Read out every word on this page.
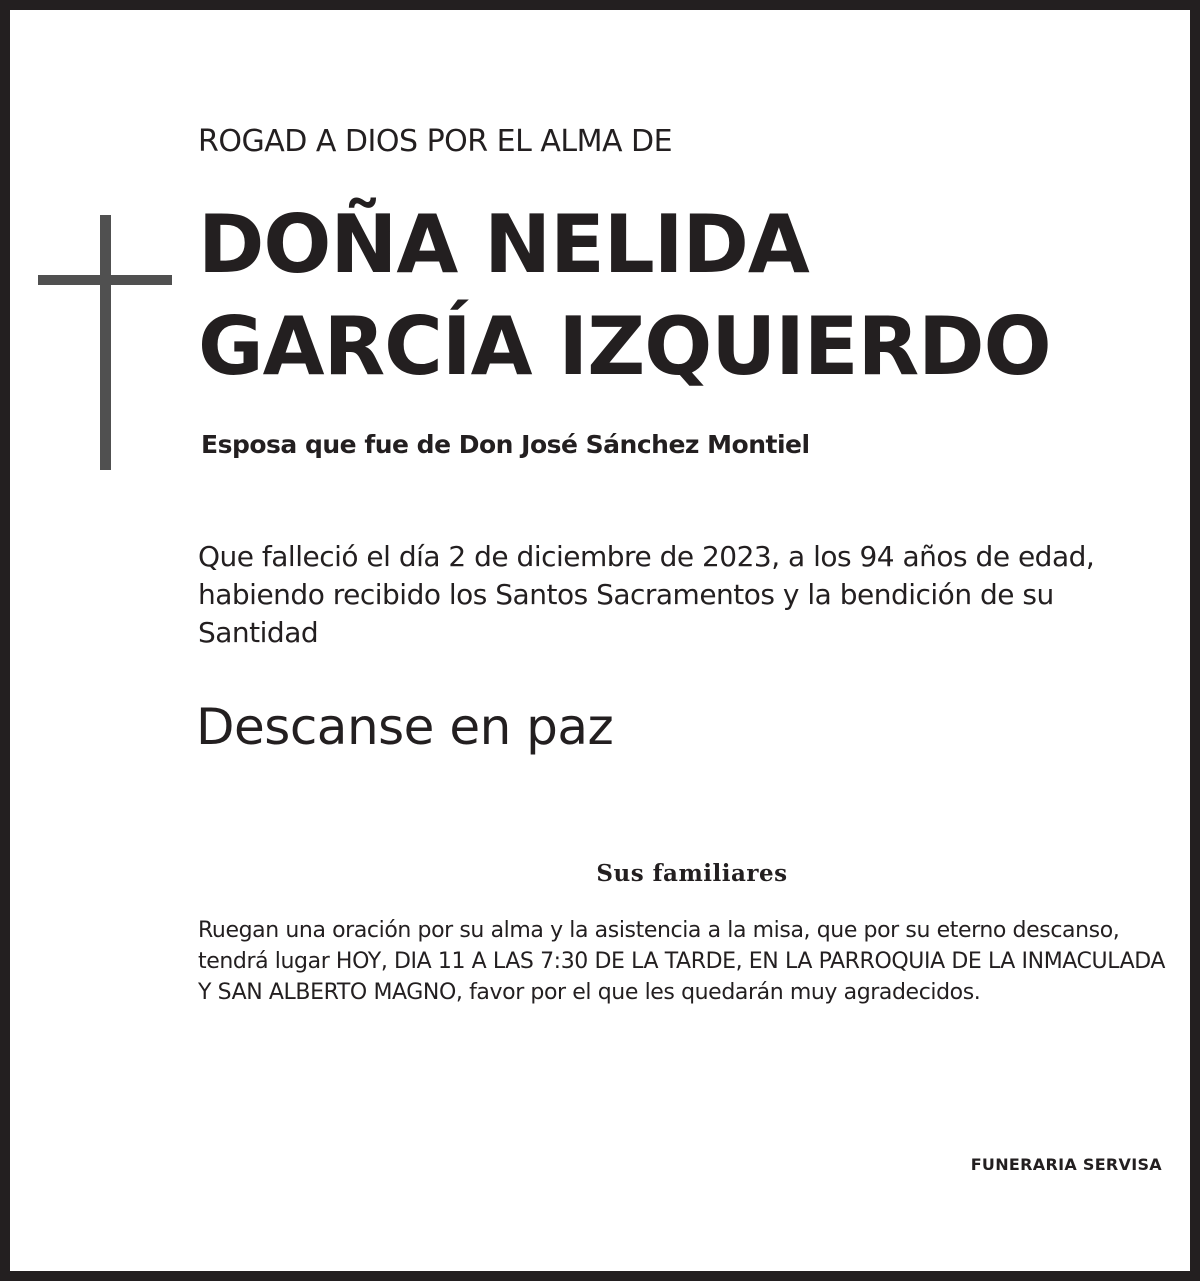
ROGAD A DIOS POR EL ALMA DE
DOÑA NELIDA
GARCÍA IZQUIERDO
Esposa que fue de Don José Sánchez Montiel
Que falleció el día 2 de diciembre de 2023, a los 94 años de edad, habiendo recibido los Santos Sacramentos y la bendición de su Santidad
Descanse en paz
Sus familiares
Ruegan una oración por su alma y la asistencia a la misa, que por su eterno descanso, tendrá lugar HOY, DIA 11 A LAS 7:30 DE LA TARDE, EN LA PARROQUIA DE LA INMACULADA Y SAN ALBERTO MAGNO, favor por el que les quedarán muy agradecidos.
FUNERARIA SERVISA
